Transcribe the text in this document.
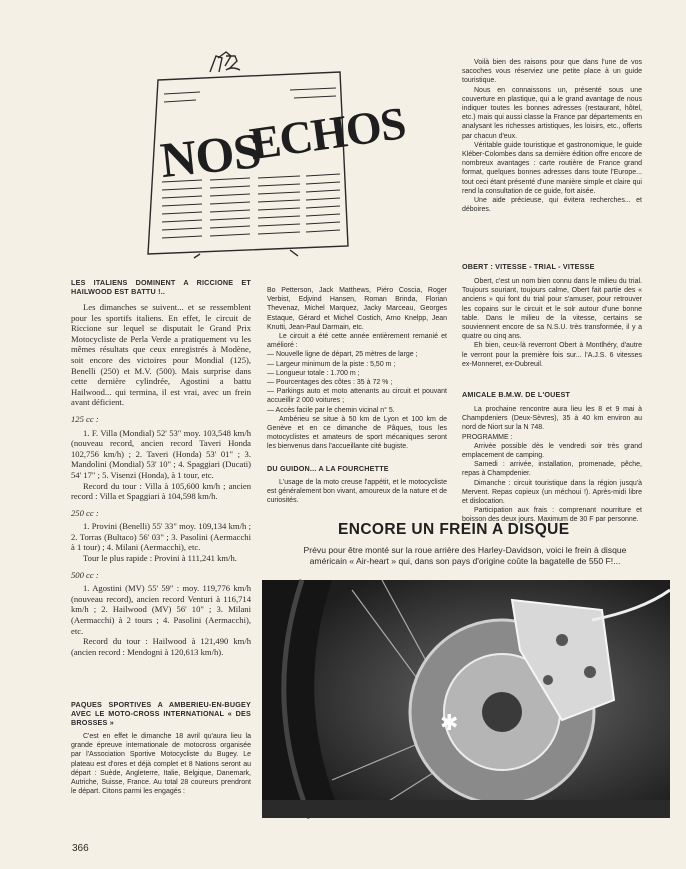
NOS
ECHOS

Voilà bien des raisons pour que dans l'une de vos sacoches vous réserviez une petite place à un guide touristique.

Nous en connaissons un, présenté sous une couverture en plastique, qui a le grand avantage de nous indiquer toutes les bonnes adresses (restaurant, hôtel, etc.) mais qui aussi classe la France par départements en analysant les richesses artistiques, les loisirs, etc., offerts par chacun d'eux.

Véritable guide touristique et gastronomique, le guide Kléber-Colombes dans sa dernière édition offre encore de nombreux avantages : carte routière de France grand format, quelques bonnes adresses dans toute l'Europe... tout ceci étant présenté d'une manière simple et claire qui rend la consultation de ce guide, fort aisée.

Une aide précieuse, qui évitera recherches... et déboires.

OBERT : VITESSE - TRIAL - VITESSE

Obert, c'est un nom bien connu dans le milieu du trial. Toujours souriant, toujours calme, Obert fait partie des « anciens » qui font du trial pour s'amuser, pour retrouver les copains sur le circuit et le solr autour d'une bonne table. Dans le milieu de la vitesse, certains se souviennent encore de sa N.S.U. très transformée, il y a quatre ou cinq ans.

Eh bien, ceux-là reverront Obert à Montlhéry, d'autre le verront pour la première fois sur... l'A.J.S. 6 vitesses ex-Monneret, ex-Dubreuil.

AMICALE B.M.W. DE L'OUEST

La prochaine rencontre aura lieu les 8 et 9 mai à Champdeniers (Deux-Sèvres), 35 à 40 km environ au nord de Niort sur la N 748.

PROGRAMME :

Arrivée possible dès le vendredi soir très grand emplacement de camping.

Samedi : arrivée, installation, promenade, pêche, repas à Champdenier.

Dimanche : circuit touristique dans la région jusqu'à Mervent. Repas copieux (un méchoui !). Après-midi libre et dislocation.

Participation aux frais : comprenant nourriture et boisson des deux jours. Maximum de 30 F par personne.

LES ITALIENS DOMINENT A RICCIONE ET HAILWOOD EST BATTU !..

Les dimanches se suivent... et se ressemblent pour les sportifs italiens. En effet, le circuit de Riccione sur lequel se disputait le Grand Prix Motocycliste de Perla Verde a pratiquement vu les mêmes résultats que ceux enregistrés à Modène, soit encore des victoires pour Mondial (125), Benelli (250) et M.V. (500). Mais surprise dans cette dernière cylindrée, Agostini a battu Hailwood... qui termina, il est vrai, avec un frein avant déficient.

125 cc :

1. F. Villa (Mondial) 52' 53" moy. 103,548 km/h (nouveau record, ancien record Taveri Honda 102,756 km/h) ; 2. Taveri (Honda) 53' 01" ; 3. Mandolini (Mondial) 53' 10" ; 4. Spaggiari (Ducati) 54' 17" ; 5. Visenzi (Honda), à 1 tour, etc.

Record du tour : Villa à 105,600 km/h ; ancien record : Villa et Spaggiari à 104,598 km/h.

250 cc :

1. Provini (Benelli) 55' 33" moy. 109,134 km/h ; 2. Torras (Bultaco) 56' 03" ; 3. Pasolini (Aermacchi à 1 tour) ; 4. Milani (Aermacchi), etc.

Tour le plus rapide : Provini à 111,241 km/h.

500 cc :

1. Agostini (MV) 55' 59" : moy. 119,776 km/h (nouveau record), ancien record Venturi à 116,714 km/h ; 2. Hailwood (MV) 56' 10" ; 3. Milani (Aermacchi) à 2 tours ; 4. Pasolini (Aermacchi), etc.

Record du tour : Hailwood à 121,490 km/h (ancien record : Mendogni à 120,613 km/h).

PAQUES SPORTIVES A AMBERIEU-EN-BUGEY AVEC LE MOTO-CROSS INTERNATIONAL « DES BROSSES »

C'est en effet le dimanche 18 avril qu'aura lieu la grande épreuve internationale de motocross organisée par l'Association Sportive Motocycliste du Bugey. Le plateau est d'ores et déjà complet et 8 Nations seront au départ : Suède, Angleterre, Italie, Belgique, Danemark, Autriche, Suisse, France. Au total 28 coureurs prendront le départ. Citons parmi les engagés :

Bo Petterson, Jack Matthews, Piéro Coscia, Roger Verbist, Edjvind Hansen, Roman Brinda, Florian Thevenaz, Michel Marquez, Jacky Marceau, Georges Estaque, Gérard et Michel Costich, Arno Knelpp, Jean Knutti, Jean-Paul Darmain, etc.

Le circuit a été cette année entièrement remanié et amélioré :

— Nouvelle ligne de départ, 25 mètres de large ;
— Largeur minimum de la piste : 5,50 m ;
— Longueur totale : 1.700 m ;
— Pourcentages des côtes : 35 à 72 % ;
— Parkings auto et moto attenants au circuit et pouvant accueillir 2 000 voitures ;
— Accès facile par le chemin vicinal n° 5.

Ambérieu se situe à 50 km de Lyon et 100 km de Genève et en ce dimanche de Pâques, tous les motocyclistes et amateurs de sport mécaniques seront les bienvenus dans l'accueillante cité bugiste.

DU GUIDON... A LA FOURCHETTE

L'usage de la moto creuse l'appétit, et le motocycliste est généralement bon vivant, amoureux de la nature et de curiosités.

ENCORE UN FREIN A DISQUE
Prévu pour être monté sur la roue arrière des Harley-Davidson, voici le frein à disque américain « Air-heart » qui, dans son pays d'origine coûte la bagatelle de 550 F!...
✱
366
